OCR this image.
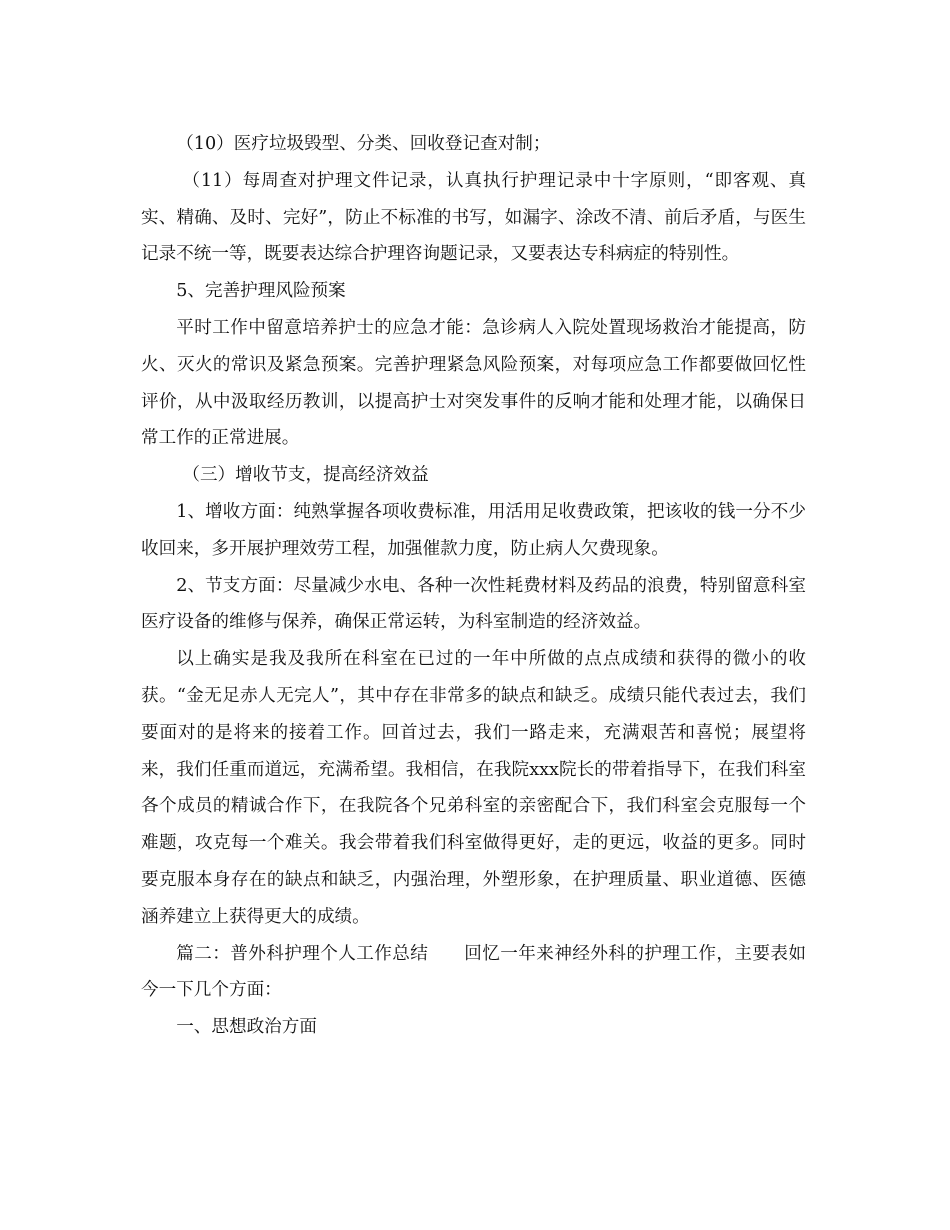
（10）医疗垃圾毁型、分类、回收登记查对制；

（11）每周查对护理文件记录，认真执行护理记录中十字原则，“即客观、真实、精确、及时、完好”，防止不标准的书写，如漏字、涂改不清、前后矛盾，与医生记录不统一等，既要表达综合护理咨询题记录，又要表达专科病症的特别性。

5、完善护理风险预案

平时工作中留意培养护士的应急才能：急诊病人入院处置现场救治才能提高，防火、灭火的常识及紧急预案。完善护理紧急风险预案，对每项应急工作都要做回忆性评价，从中汲取经历教训，以提高护士对突发事件的反响才能和处理才能，以确保日常工作的正常进展。

（三）增收节支，提高经济效益

1、增收方面：纯熟掌握各项收费标准，用活用足收费政策，把该收的钱一分不少收回来，多开展护理效劳工程，加强催款力度，防止病人欠费现象。

2、节支方面：尽量减少水电、各种一次性耗费材料及药品的浪费，特别留意科室医疗设备的维修与保养，确保正常运转，为科室制造的经济效益。

以上确实是我及我所在科室在已过的一年中所做的点点成绩和获得的微小的收获。“金无足赤人无完人”，其中存在非常多的缺点和缺乏。成绩只能代表过去，我们要面对的是将来的接着工作。回首过去，我们一路走来，充满艰苦和喜悦；展望将来，我们任重而道远，充满希望。我相信，在我院xxx院长的带着指导下，在我们科室各个成员的精诚合作下，在我院各个兄弟科室的亲密配合下，我们科室会克服每一个难题，攻克每一个难关。我会带着我们科室做得更好，走的更远，收益的更多。同时要克服本身存在的缺点和缺乏，内强治理，外塑形象，在护理质量、职业道德、医德涵养建立上获得更大的成绩。

篇二：普外科护理个人工作总结　　回忆一年来神经外科的护理工作，主要表如今一下几个方面：

一、思想政治方面
